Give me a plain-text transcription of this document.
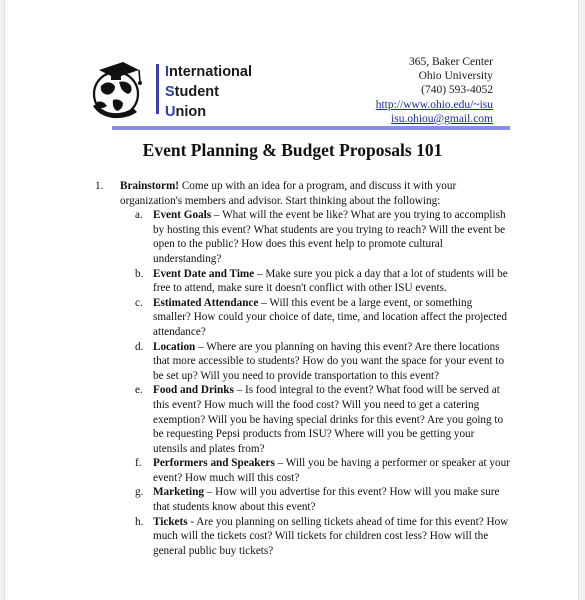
International
Student
Union
365, Baker Center
Ohio University
(740) 593-4052
http://www.ohio.edu/~isu
isu.ohiou@gmail.com
Event Planning & Budget Proposals 101
1. Brainstorm! Come up with an idea for a program, and discuss it with your organization's members and advisor. Start thinking about the following:
a. Event Goals – What will the event be like? What are you trying to accomplish by hosting this event? What students are you trying to reach? Will the event be open to the public? How does this event help to promote cultural understanding?
b. Event Date and Time – Make sure you pick a day that a lot of students will be free to attend, make sure it doesn't conflict with other ISU events.
c. Estimated Attendance – Will this event be a large event, or something smaller? How could your choice of date, time, and location affect the projected attendance?
d. Location – Where are you planning on having this event? Are there locations that more accessible to students? How do you want the space for your event to be set up? Will you need to provide transportation to this event?
e. Food and Drinks – Is food integral to the event? What food will be served at this event? How much will the food cost? Will you need to get a catering exemption? Will you be having special drinks for this event? Are you going to be requesting Pepsi products from ISU? Where will you be getting your utensils and plates from?
f. Performers and Speakers – Will you be having a performer or speaker at your event? How much will this cost?
g. Marketing – How will you advertise for this event? How will you make sure that students know about this event?
h. Tickets - Are you planning on selling tickets ahead of time for this event? How much will the tickets cost? Will tickets for children cost less? How will the general public buy tickets?
